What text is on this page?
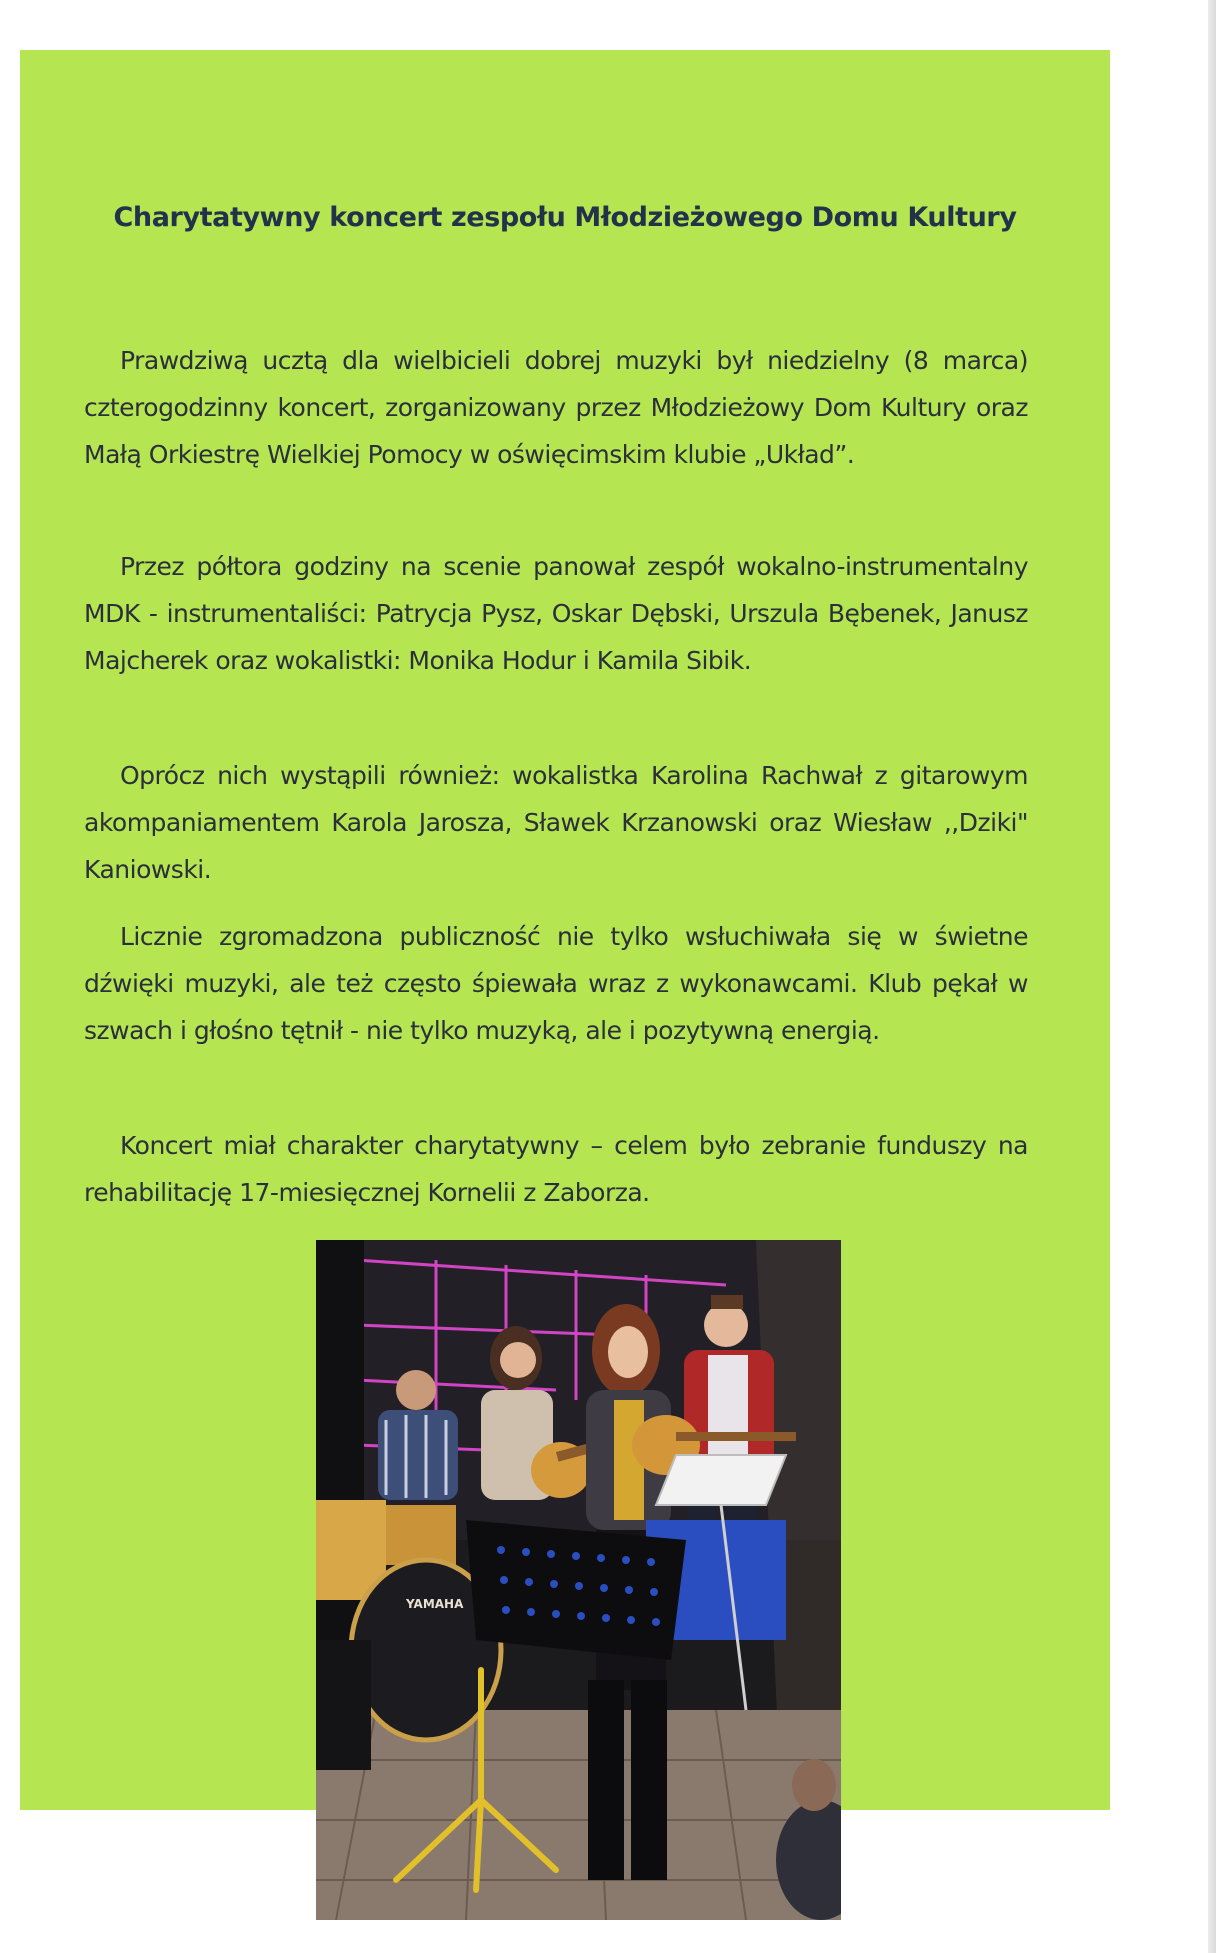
Charytatywny koncert zespołu Młodzieżowego Domu Kultury

Prawdziwą ucztą dla wielbicieli dobrej muzyki był niedzielny (8 marca) czterogodzinny koncert, zorganizowany przez Młodzieżowy Dom Kultury oraz Małą Orkiestrę Wielkiej Pomocy w oświęcimskim klubie „Układ”.

Przez półtora godziny na scenie panował zespół wokalno-instrumentalny MDK - instrumentaliści: Patrycja Pysz, Oskar Dębski, Urszula Bębenek, Janusz Majcherek oraz wokalistki: Monika Hodur i Kamila Sibik.

Oprócz nich wystąpili również: wokalistka Karolina Rachwał z gitarowym akompaniamentem Karola Jarosza, Sławek Krzanowski oraz Wiesław ,,Dziki" Kaniowski.

Licznie zgromadzona publiczność nie tylko wsłuchiwała się w świetne dźwięki muzyki, ale też często śpiewała wraz z wykonawcami. Klub pękał w szwach i głośno tętnił - nie tylko muzyką, ale i pozytywną energią.

Koncert miał charakter charytatywny – celem było zebranie funduszy na rehabilitację 17-miesięcznej Kornelii z Zaborza.

YAMAHA
